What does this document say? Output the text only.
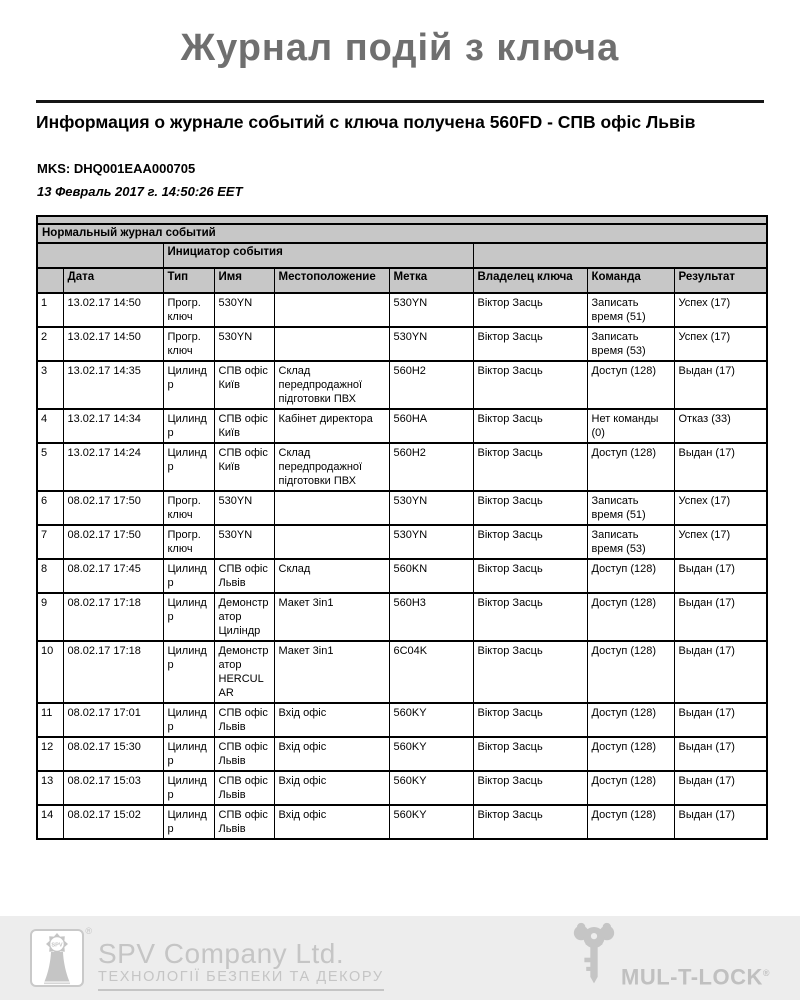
Журнал подій з ключа
Информация о журнале событий с ключа получена 560FD - СПВ офіс Львів
MKS: DHQ001EAA000705
13 Февраль 2017 г. 14:50:26 EET

Нормальный журнал событий								
		Инициатор события						
	Дата	Тип	Имя	Местоположение	Метка	Владелец ключа	Команда	Результат
1	13.02.17 14:50	Прогр. ключ	530YN		530YN	Віктор Засць	Записать время (51)	Успех (17)
2	13.02.17 14:50	Прогр. ключ	530YN		530YN	Віктор Засць	Записать время (53)	Успех (17)
3	13.02.17 14:35	Цилиндр	СПВ офіс Київ	Склад передпродажної підготовки ПВХ	560H2	Віктор Засць	Доступ (128)	Выдан (17)
4	13.02.17 14:34	Цилиндр	СПВ офіс Київ	Кабінет директора	560HA	Віктор Засць	Нет команды (0)	Отказ (33)
5	13.02.17 14:24	Цилиндр	СПВ офіс Київ	Склад передпродажної підготовки ПВХ	560H2	Віктор Засць	Доступ (128)	Выдан (17)
6	08.02.17 17:50	Прогр. ключ	530YN		530YN	Віктор Засць	Записать время (51)	Успех (17)
7	08.02.17 17:50	Прогр. ключ	530YN		530YN	Віктор Засць	Записать время (53)	Успех (17)
8	08.02.17 17:45	Цилиндр	СПВ офіс Львів	Склад	560KN	Віктор Засць	Доступ (128)	Выдан (17)
9	08.02.17 17:18	Цилиндр	Демонстратор Циліндр	Макет 3in1	560H3	Віктор Засць	Доступ (128)	Выдан (17)
10	08.02.17 17:18	Цилиндр	Демонстратор HERCULAR	Макет 3in1	6C04K	Віктор Засць	Доступ (128)	Выдан (17)
11	08.02.17 17:01	Цилиндр	СПВ офіс Львів	Вхід офіс	560KY	Віктор Засць	Доступ (128)	Выдан (17)
12	08.02.17 15:30	Цилиндр	СПВ офіс Львів	Вхід офіс	560KY	Віктор Засць	Доступ (128)	Выдан (17)
13	08.02.17 15:03	Цилиндр	СПВ офіс Львів	Вхід офіс	560KY	Віктор Засць	Доступ (128)	Выдан (17)
14	08.02.17 15:02	Цилиндр	СПВ офіс Львів	Вхід офіс	560KY	Віктор Засць	Доступ (128)	Выдан (17)
SPV
®
SPV Company Ltd.
ТЕХНОЛОГІЇ БЕЗПЕКИ ТА ДЕКОРУ	MUL-T-LOCK®
